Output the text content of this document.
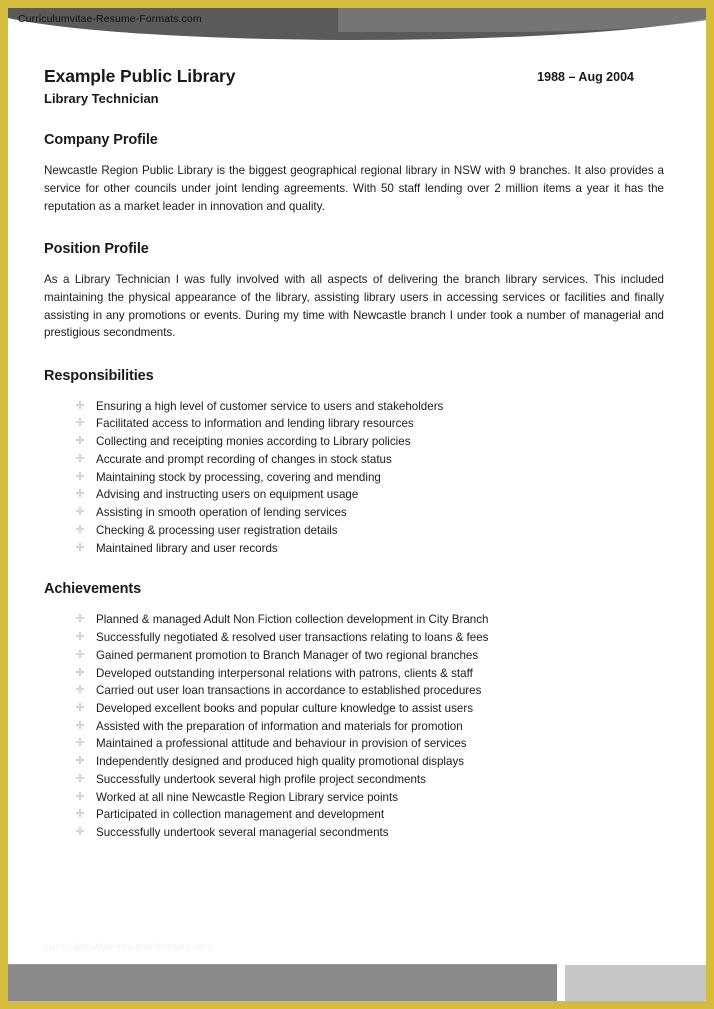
Curriculumvitae-Resume-Formats.com
Example Public Library
Library Technician
1988 – Aug 2004
Company Profile

Newcastle Region Public Library is the biggest geographical regional library in NSW with 9 branches. It also provides a service for other councils under joint lending agreements. With 50 staff lending over 2 million items a year it has the reputation as a market leader in innovation and quality.

Position Profile

As a Library Technician I was fully involved with all aspects of delivering the branch library services. This included maintaining the physical appearance of the library, assisting library users in accessing services or facilities and finally assisting in any promotions or events. During my time with Newcastle branch I under took a number of managerial and prestigious secondments.

Responsibilities
✛ Ensuring a high level of customer service to users and stakeholders
✛ Facilitated access to information and lending library resources
✛ Collecting and receipting monies according to Library policies
✛ Accurate and prompt recording of changes in stock status
✛ Maintaining stock by processing, covering and mending
✛ Advising and instructing users on equipment usage
✛ Assisting in smooth operation of lending services
✛ Checking & processing user registration details
✛ Maintained library and user records
Achievements
✛ Planned & managed Adult Non Fiction collection development in City Branch
✛ Successfully negotiated & resolved user transactions relating to loans & fees
✛ Gained permanent promotion to Branch Manager of two regional branches
✛ Developed outstanding interpersonal relations with patrons, clients & staff
✛ Carried out user loan transactions in accordance to established procedures
✛ Developed excellent books and popular culture knowledge to assist users
✛ Assisted with the preparation of information and materials for promotion
✛ Maintained a professional attitude and behaviour in provision of services
✛ Independently designed and produced high quality promotional displays
✛ Successfully undertook several high profile project secondments
✛ Worked at all nine Newcastle Region Library service points
✛ Participated in collection management and development
✛ Successfully undertook several managerial secondments
curriculumvitae-resume-formats.com
